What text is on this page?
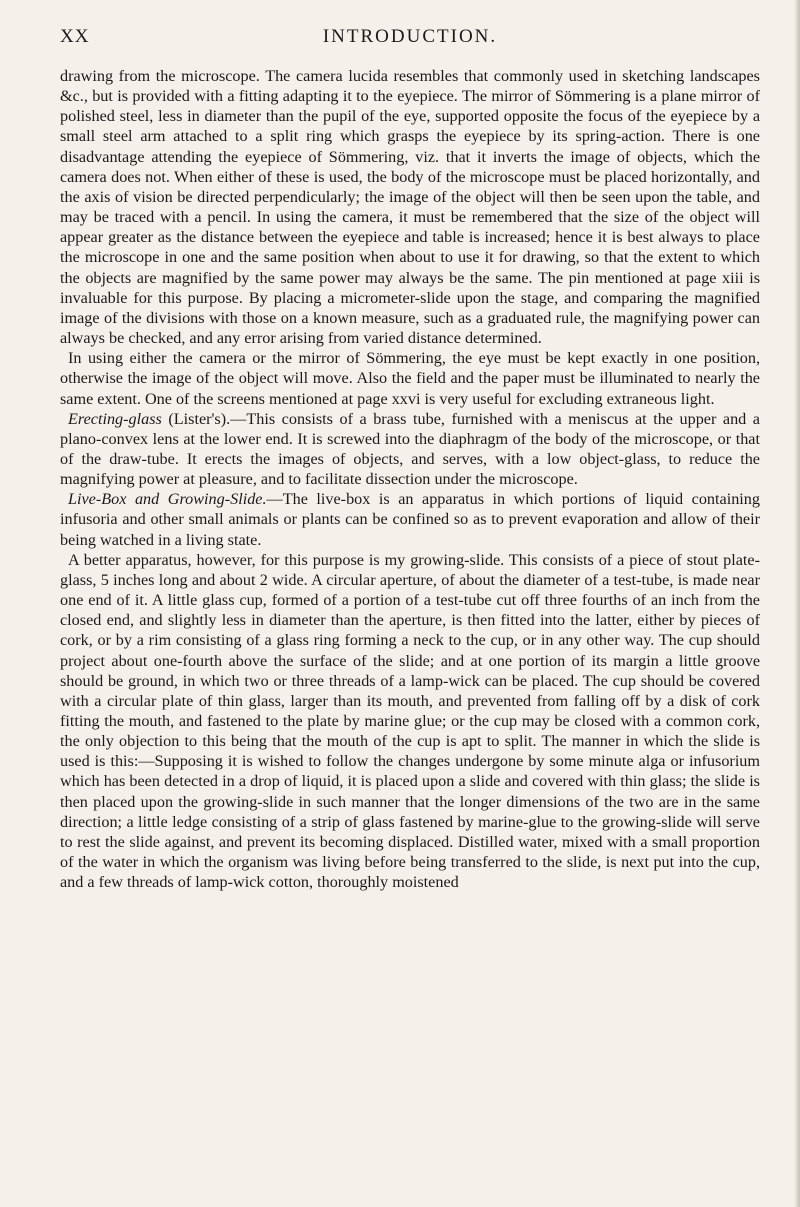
XX	INTRODUCTION.

drawing from the microscope. The camera lucida resembles that commonly used in sketching landscapes &c., but is provided with a fitting adapting it to the eyepiece. The mirror of Sömmering is a plane mirror of polished steel, less in diameter than the pupil of the eye, supported opposite the focus of the eyepiece by a small steel arm attached to a split ring which grasps the eyepiece by its spring-action. There is one disadvantage attending the eyepiece of Sömmering, viz. that it inverts the image of objects, which the camera does not. When either of these is used, the body of the microscope must be placed horizontally, and the axis of vision be directed perpendicularly; the image of the object will then be seen upon the table, and may be traced with a pencil. In using the camera, it must be remembered that the size of the object will appear greater as the distance between the eyepiece and table is increased; hence it is best always to place the microscope in one and the same position when about to use it for drawing, so that the extent to which the objects are magnified by the same power may always be the same. The pin mentioned at page xiii is invaluable for this purpose. By placing a micrometer-slide upon the stage, and comparing the magnified image of the divisions with those on a known measure, such as a graduated rule, the magnifying power can always be checked, and any error arising from varied distance determined.

In using either the camera or the mirror of Sömmering, the eye must be kept exactly in one position, otherwise the image of the object will move. Also the field and the paper must be illuminated to nearly the same extent. One of the screens mentioned at page xxvi is very useful for excluding extraneous light.

Erecting-glass (Lister's).—This consists of a brass tube, furnished with a meniscus at the upper and a plano-convex lens at the lower end. It is screwed into the diaphragm of the body of the microscope, or that of the draw-tube. It erects the images of objects, and serves, with a low object-glass, to reduce the magnifying power at pleasure, and to facilitate dissection under the microscope.

Live-Box and Growing-Slide.—The live-box is an apparatus in which portions of liquid containing infusoria and other small animals or plants can be confined so as to prevent evaporation and allow of their being watched in a living state.

A better apparatus, however, for this purpose is my growing-slide. This consists of a piece of stout plate-glass, 5 inches long and about 2 wide. A circular aperture, of about the diameter of a test-tube, is made near one end of it. A little glass cup, formed of a portion of a test-tube cut off three fourths of an inch from the closed end, and slightly less in diameter than the aperture, is then fitted into the latter, either by pieces of cork, or by a rim consisting of a glass ring forming a neck to the cup, or in any other way. The cup should project about one-fourth above the surface of the slide; and at one portion of its margin a little groove should be ground, in which two or three threads of a lamp-wick can be placed. The cup should be covered with a circular plate of thin glass, larger than its mouth, and prevented from falling off by a disk of cork fitting the mouth, and fastened to the plate by marine glue; or the cup may be closed with a common cork, the only objection to this being that the mouth of the cup is apt to split. The manner in which the slide is used is this:—Supposing it is wished to follow the changes undergone by some minute alga or infusorium which has been detected in a drop of liquid, it is placed upon a slide and covered with thin glass; the slide is then placed upon the growing-slide in such manner that the longer dimensions of the two are in the same direction; a little ledge consisting of a strip of glass fastened by marine-glue to the growing-slide will serve to rest the slide against, and prevent its becoming displaced. Distilled water, mixed with a small proportion of the water in which the organism was living before being transferred to the slide, is next put into the cup, and a few threads of lamp-wick cotton, thoroughly moistened
